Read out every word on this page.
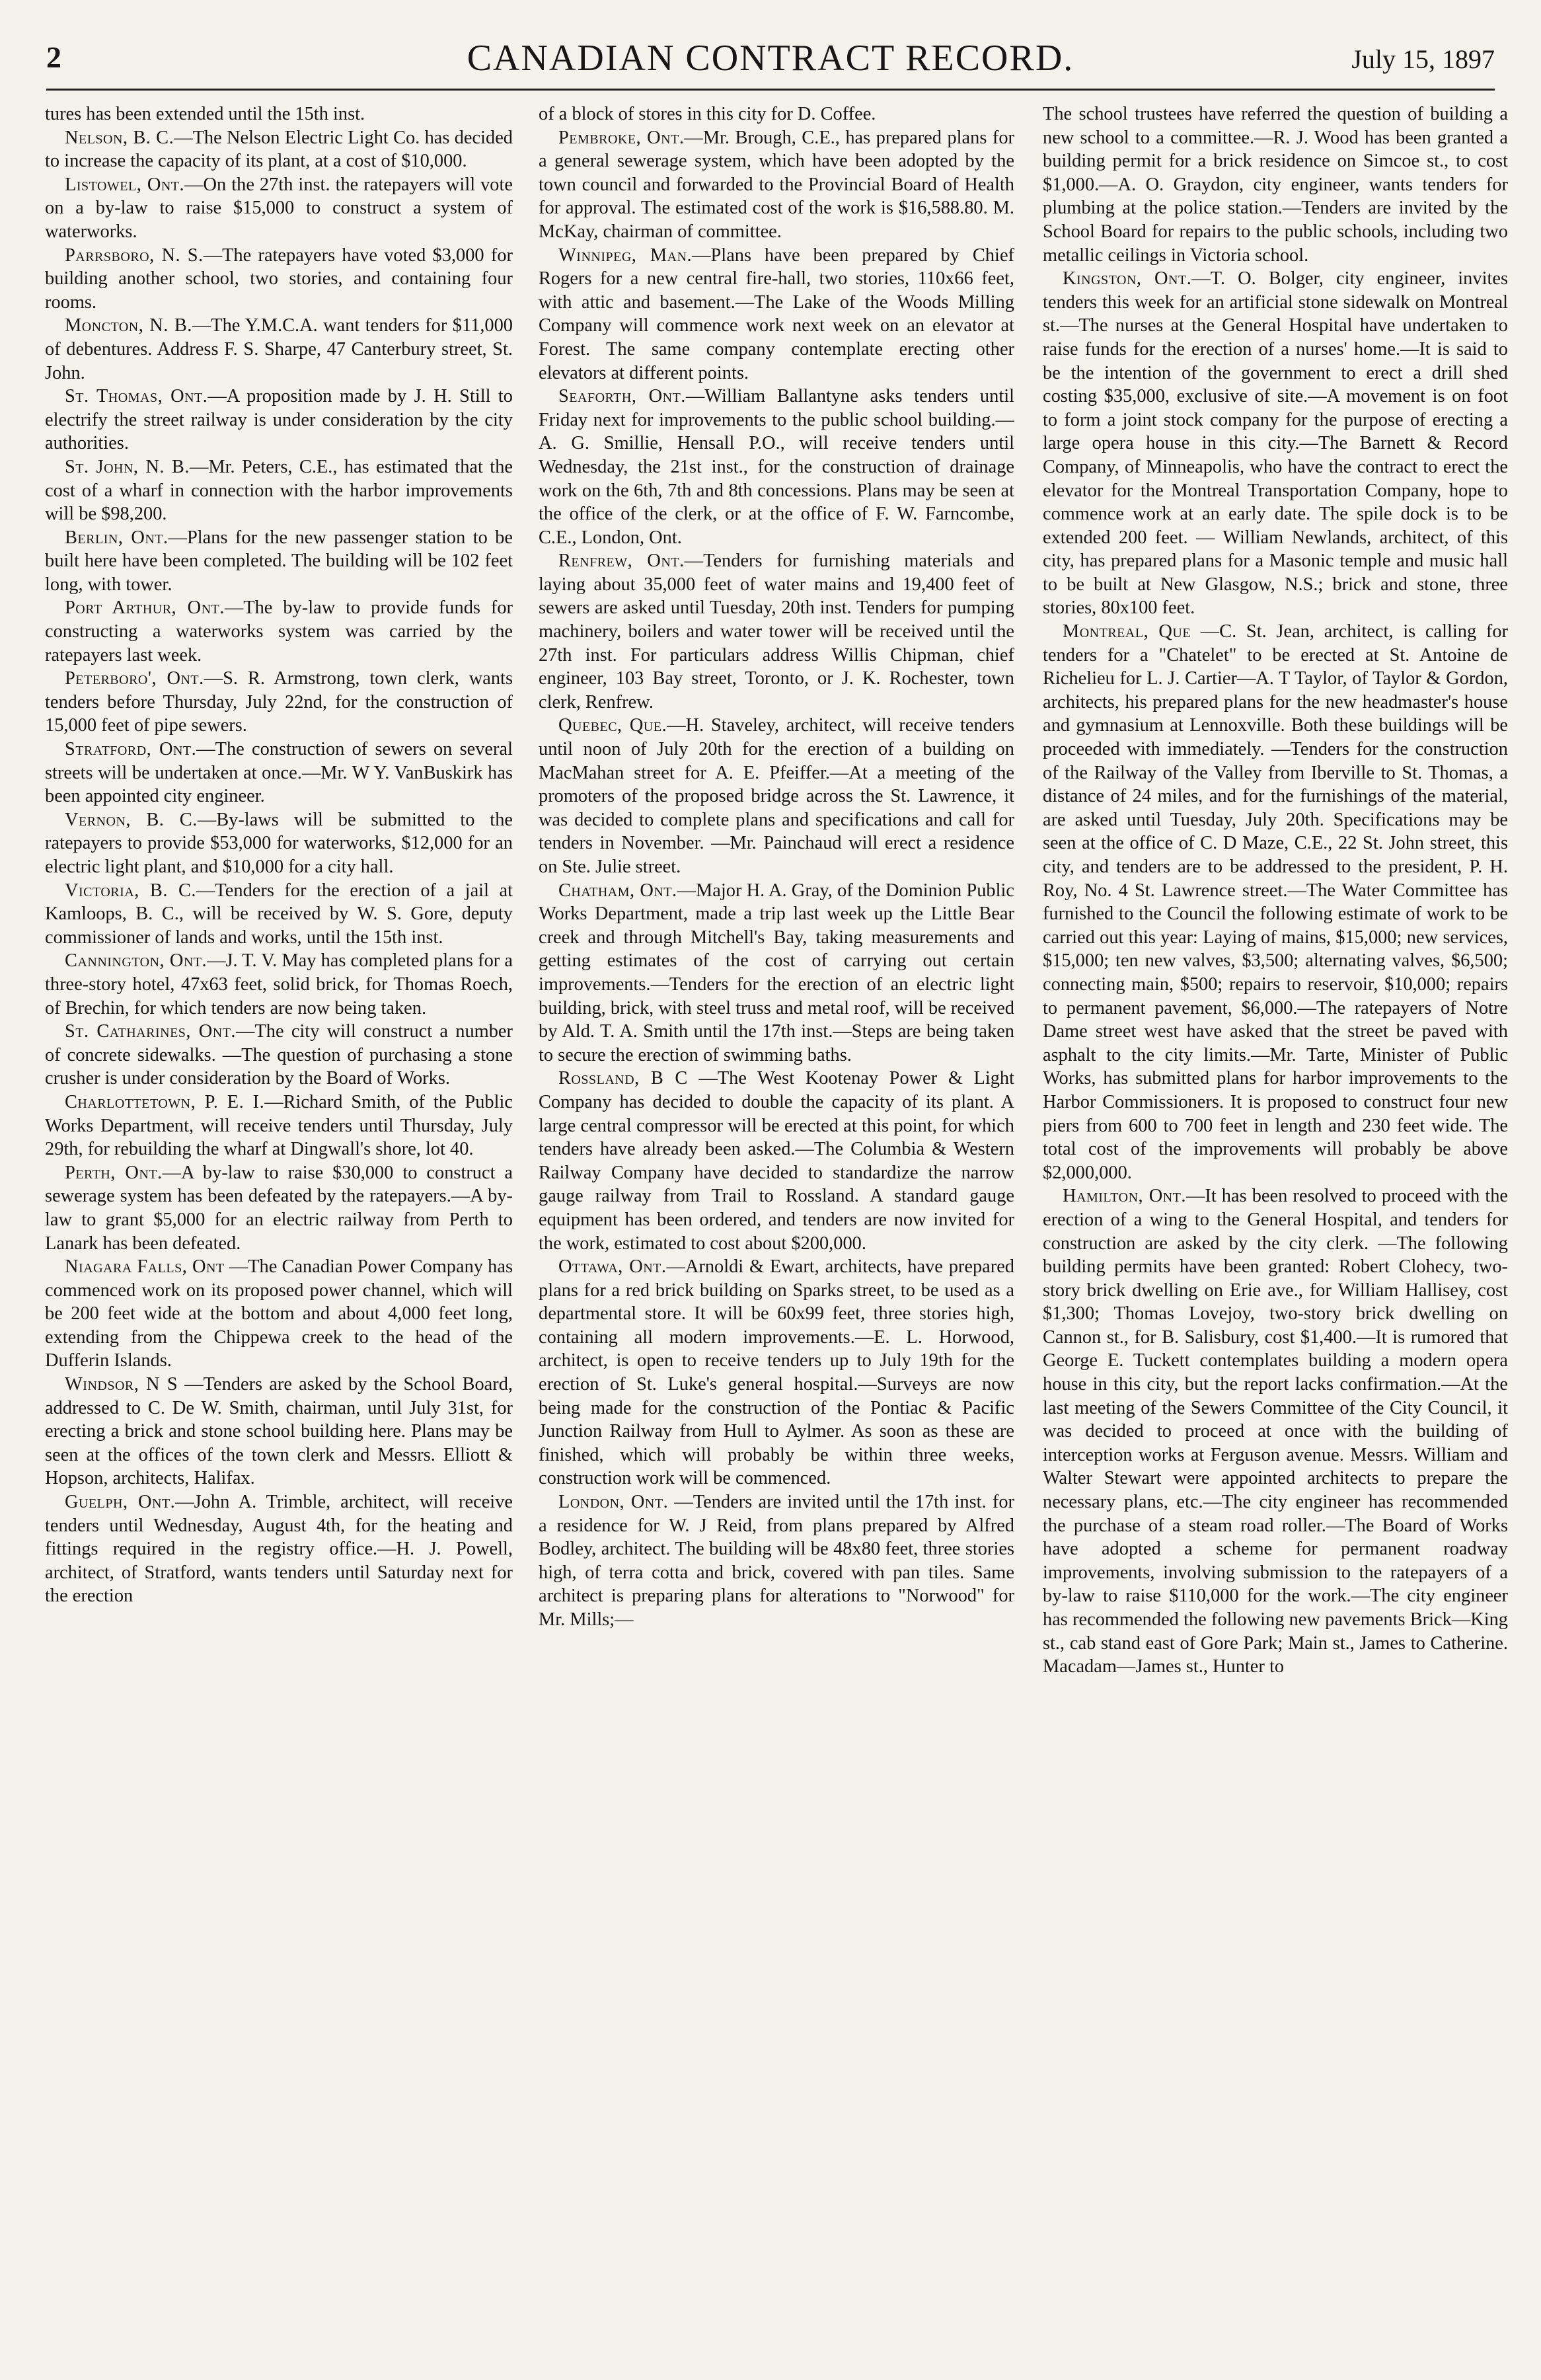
2	CANADIAN CONTRACT RECORD.	July 15, 1897

tures has been extended until the 15th inst.

Nelson, B. C.—The Nelson Electric Light Co. has decided to increase the capacity of its plant, at a cost of $10,000.

Listowel, Ont.—On the 27th inst. the ratepayers will vote on a by-law to raise $15,000 to construct a system of waterworks.

Parrsboro, N. S.—The ratepayers have voted $3,000 for building another school, two stories, and containing four rooms.

Moncton, N. B.—The Y.M.C.A. want tenders for $11,000 of debentures. Address F. S. Sharpe, 47 Canterbury street, St. John.

St. Thomas, Ont.—A proposition made by J. H. Still to electrify the street railway is under consideration by the city authorities.

St. John, N. B.—Mr. Peters, C.E., has estimated that the cost of a wharf in connection with the harbor improvements will be $98,200.

Berlin, Ont.—Plans for the new passenger station to be built here have been completed. The building will be 102 feet long, with tower.

Port Arthur, Ont.—The by-law to provide funds for constructing a waterworks system was carried by the ratepayers last week.

Peterboro', Ont.—S. R. Armstrong, town clerk, wants tenders before Thursday, July 22nd, for the construction of 15,000 feet of pipe sewers.

Stratford, Ont.—The construction of sewers on several streets will be undertaken at once.—Mr. W Y. VanBuskirk has been appointed city engineer.

Vernon, B. C.—By-laws will be submitted to the ratepayers to provide $53,000 for waterworks, $12,000 for an electric light plant, and $10,000 for a city hall.

Victoria, B. C.—Tenders for the erection of a jail at Kamloops, B. C., will be received by W. S. Gore, deputy commissioner of lands and works, until the 15th inst.

Cannington, Ont.—J. T. V. May has completed plans for a three-story hotel, 47x63 feet, solid brick, for Thomas Roech, of Brechin, for which tenders are now being taken.

St. Catharines, Ont.—The city will construct a number of concrete sidewalks. —The question of purchasing a stone crusher is under consideration by the Board of Works.

Charlottetown, P. E. I.—Richard Smith, of the Public Works Department, will receive tenders until Thursday, July 29th, for rebuilding the wharf at Dingwall's shore, lot 40.

Perth, Ont.—A by-law to raise $30,000 to construct a sewerage system has been defeated by the ratepayers.—A by-law to grant $5,000 for an electric railway from Perth to Lanark has been defeated.

Niagara Falls, Ont —The Canadian Power Company has commenced work on its proposed power channel, which will be 200 feet wide at the bottom and about 4,000 feet long, extending from the Chippewa creek to the head of the Dufferin Islands.

Windsor, N S —Tenders are asked by the School Board, addressed to C. De W. Smith, chairman, until July 31st, for erecting a brick and stone school building here. Plans may be seen at the offices of the town clerk and Messrs. Elliott & Hopson, architects, Halifax.

Guelph, Ont.—John A. Trimble, architect, will receive tenders until Wednesday, August 4th, for the heating and fittings required in the registry office.—H. J. Powell, architect, of Stratford, wants tenders until Saturday next for the erection

of a block of stores in this city for D. Coffee.

Pembroke, Ont.—Mr. Brough, C.E., has prepared plans for a general sewerage system, which have been adopted by the town council and forwarded to the Provincial Board of Health for approval. The estimated cost of the work is $16,588.80. M. McKay, chairman of committee.

Winnipeg, Man.—Plans have been prepared by Chief Rogers for a new central fire-hall, two stories, 110x66 feet, with attic and basement.—The Lake of the Woods Milling Company will commence work next week on an elevator at Forest. The same company contemplate erecting other elevators at different points.

Seaforth, Ont.—William Ballantyne asks tenders until Friday next for improvements to the public school building.—A. G. Smillie, Hensall P.O., will receive tenders until Wednesday, the 21st inst., for the construction of drainage work on the 6th, 7th and 8th concessions. Plans may be seen at the office of the clerk, or at the office of F. W. Farncombe, C.E., London, Ont.

Renfrew, Ont.—Tenders for furnishing materials and laying about 35,000 feet of water mains and 19,400 feet of sewers are asked until Tuesday, 20th inst. Tenders for pumping machinery, boilers and water tower will be received until the 27th inst. For particulars address Willis Chipman, chief engineer, 103 Bay street, Toronto, or J. K. Rochester, town clerk, Renfrew.

Quebec, Que.—H. Staveley, architect, will receive tenders until noon of July 20th for the erection of a building on MacMahan street for A. E. Pfeiffer.—At a meeting of the promoters of the proposed bridge across the St. Lawrence, it was decided to complete plans and specifications and call for tenders in November. —Mr. Painchaud will erect a residence on Ste. Julie street.

Chatham, Ont.—Major H. A. Gray, of the Dominion Public Works Department, made a trip last week up the Little Bear creek and through Mitchell's Bay, taking measurements and getting estimates of the cost of carrying out certain improvements.—Tenders for the erection of an electric light building, brick, with steel truss and metal roof, will be received by Ald. T. A. Smith until the 17th inst.—Steps are being taken to secure the erection of swimming baths.

Rossland, B C —The West Kootenay Power & Light Company has decided to double the capacity of its plant. A large central compressor will be erected at this point, for which tenders have already been asked.—The Columbia & Western Railway Company have decided to standardize the narrow gauge railway from Trail to Rossland. A standard gauge equipment has been ordered, and tenders are now invited for the work, estimated to cost about $200,000.

Ottawa, Ont.—Arnoldi & Ewart, architects, have prepared plans for a red brick building on Sparks street, to be used as a departmental store. It will be 60x99 feet, three stories high, containing all modern improvements.—E. L. Horwood, architect, is open to receive tenders up to July 19th for the erection of St. Luke's general hospital.—Surveys are now being made for the construction of the Pontiac & Pacific Junction Railway from Hull to Aylmer. As soon as these are finished, which will probably be within three weeks, construction work will be commenced.

London, Ont. —Tenders are invited until the 17th inst. for a residence for W. J Reid, from plans prepared by Alfred Bodley, architect. The building will be 48x80 feet, three stories high, of terra cotta and brick, covered with pan tiles. Same architect is preparing plans for alterations to "Norwood" for Mr. Mills;—

The school trustees have referred the question of building a new school to a committee.—R. J. Wood has been granted a building permit for a brick residence on Simcoe st., to cost $1,000.—A. O. Graydon, city engineer, wants tenders for plumbing at the police station.—Tenders are invited by the School Board for repairs to the public schools, including two metallic ceilings in Victoria school.

Kingston, Ont.—T. O. Bolger, city engineer, invites tenders this week for an artificial stone sidewalk on Montreal st.—The nurses at the General Hospital have undertaken to raise funds for the erection of a nurses' home.—It is said to be the intention of the government to erect a drill shed costing $35,000, exclusive of site.—A movement is on foot to form a joint stock company for the purpose of erecting a large opera house in this city.—The Barnett & Record Company, of Minneapolis, who have the contract to erect the elevator for the Montreal Transportation Company, hope to commence work at an early date. The spile dock is to be extended 200 feet. — William Newlands, architect, of this city, has prepared plans for a Masonic temple and music hall to be built at New Glasgow, N.S.; brick and stone, three stories, 80x100 feet.

Montreal, Que —C. St. Jean, architect, is calling for tenders for a "Chatelet" to be erected at St. Antoine de Richelieu for L. J. Cartier—A. T Taylor, of Taylor & Gordon, architects, his prepared plans for the new headmaster's house and gymnasium at Lennoxville. Both these buildings will be proceeded with immediately. —Tenders for the construction of the Railway of the Valley from Iberville to St. Thomas, a distance of 24 miles, and for the furnishings of the material, are asked until Tuesday, July 20th. Specifications may be seen at the office of C. D Maze, C.E., 22 St. John street, this city, and tenders are to be addressed to the president, P. H. Roy, No. 4 St. Lawrence street.—The Water Committee has furnished to the Council the following estimate of work to be carried out this year: Laying of mains, $15,000; new services, $15,000; ten new valves, $3,500; alternating valves, $6,500; connecting main, $500; repairs to reservoir, $10,000; repairs to permanent pavement, $6,000.—The ratepayers of Notre Dame street west have asked that the street be paved with asphalt to the city limits.—Mr. Tarte, Minister of Public Works, has submitted plans for harbor improvements to the Harbor Commissioners. It is proposed to construct four new piers from 600 to 700 feet in length and 230 feet wide. The total cost of the improvements will probably be above $2,000,000.

Hamilton, Ont.—It has been resolved to proceed with the erection of a wing to the General Hospital, and tenders for construction are asked by the city clerk. —The following building permits have been granted: Robert Clohecy, two-story brick dwelling on Erie ave., for William Hallisey, cost $1,300; Thomas Lovejoy, two-story brick dwelling on Cannon st., for B. Salisbury, cost $1,400.—It is rumored that George E. Tuckett contemplates building a modern opera house in this city, but the report lacks confirmation.—At the last meeting of the Sewers Committee of the City Council, it was decided to proceed at once with the building of interception works at Ferguson avenue. Messrs. William and Walter Stewart were appointed architects to prepare the necessary plans, etc.—The city engineer has recommended the purchase of a steam road roller.—The Board of Works have adopted a scheme for permanent roadway improvements, involving submission to the ratepayers of a by-law to raise $110,000 for the work.—The city engineer has recommended the following new pavements Brick—King st., cab stand east of Gore Park; Main st., James to Catherine. Macadam—James st., Hunter to
